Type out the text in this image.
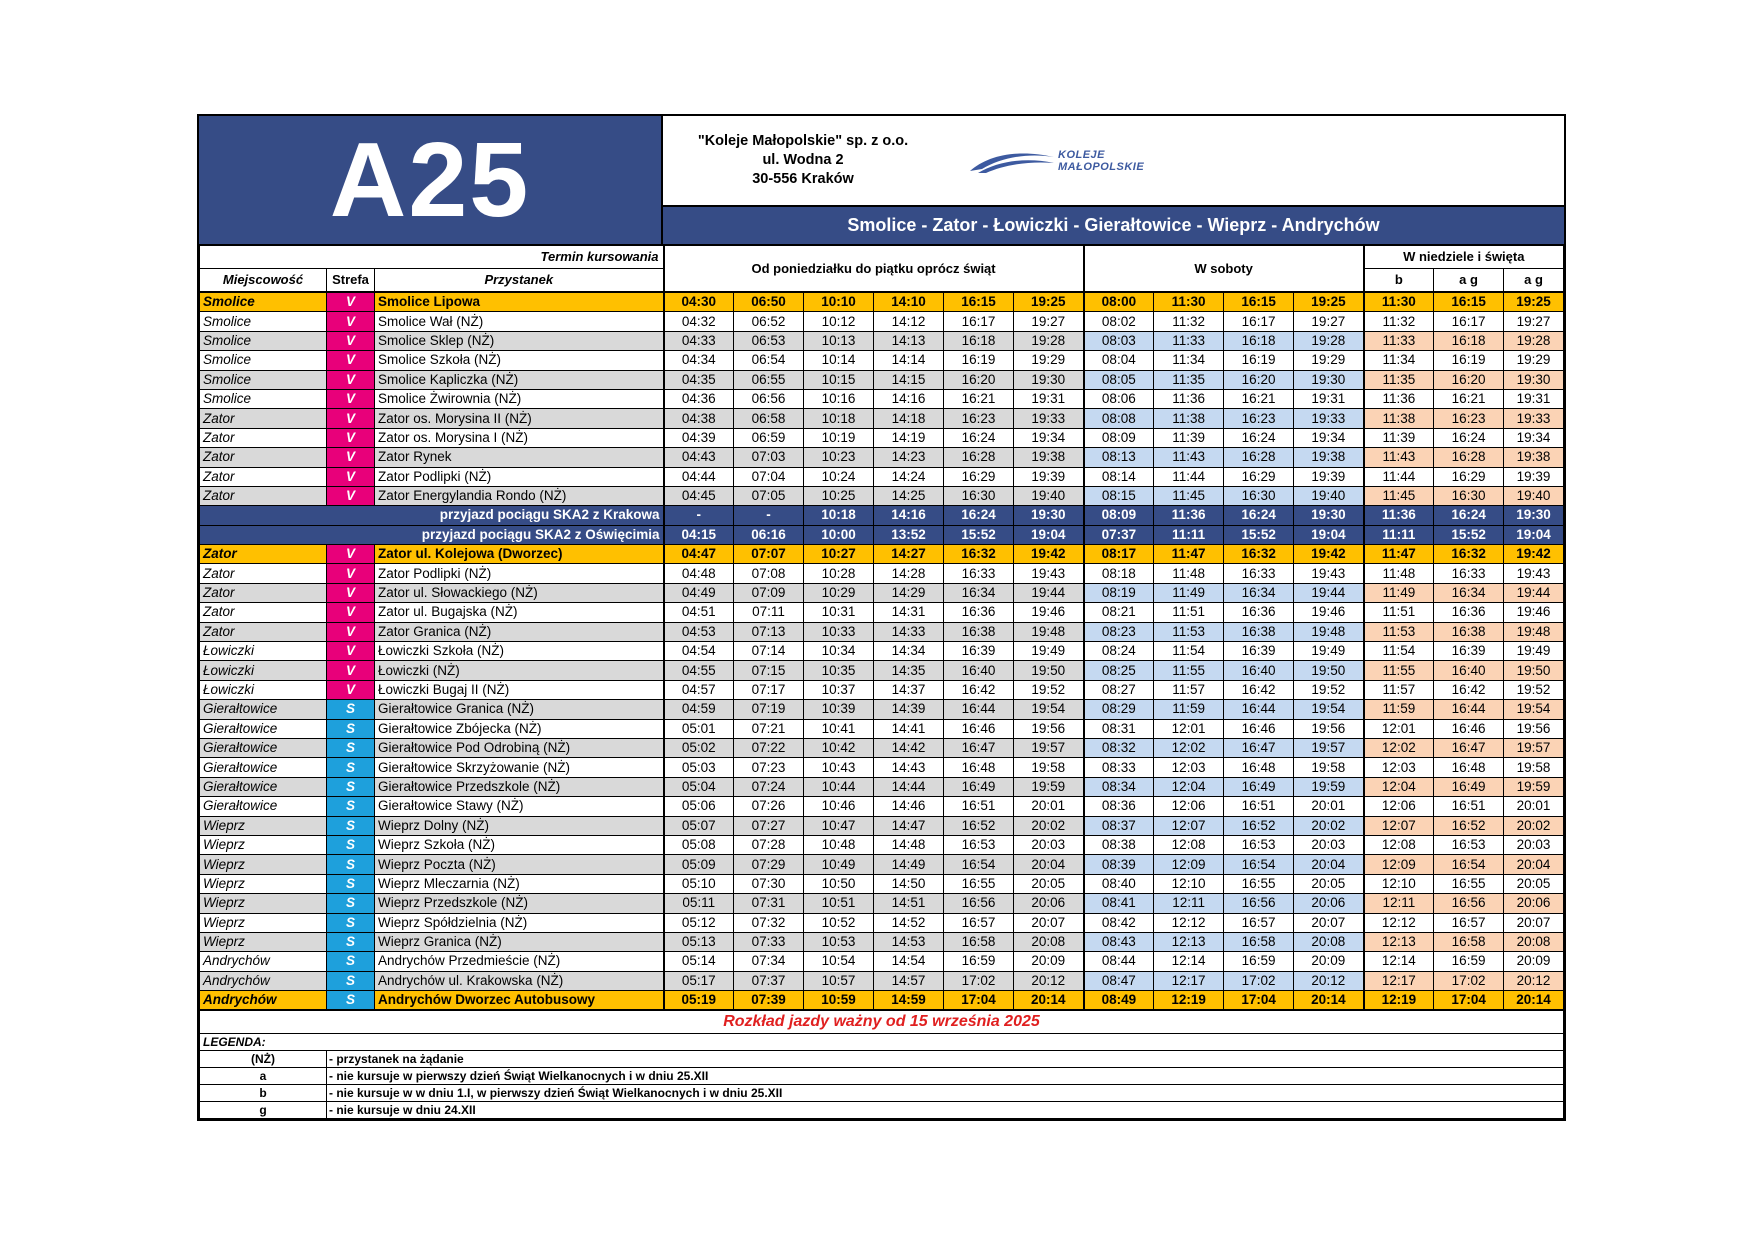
A25	"Koleje Małopolskie" sp. z o.o.
ul. Wodna 2
30-556 Kraków
KOLEJE
MAŁOPOLSKIE
Smolice - Zator - Łowiczki - Gierałtowice - Wieprz - Andrychów
Termin kursowania			Od poniedziałku do piątku oprócz świąt						W soboty				W niedziele i święta		
Miejscowość	Strefa	Przystanek											b	a g	a g
Smolice	V	Smolice Lipowa	04:30	06:50	10:10	14:10	16:15	19:25	08:00	11:30	16:15	19:25	11:30	16:15	19:25
Smolice	V	Smolice Wał (NŻ)	04:32	06:52	10:12	14:12	16:17	19:27	08:02	11:32	16:17	19:27	11:32	16:17	19:27
Smolice	V	Smolice Sklep (NŻ)	04:33	06:53	10:13	14:13	16:18	19:28	08:03	11:33	16:18	19:28	11:33	16:18	19:28
Smolice	V	Smolice Szkoła (NŻ)	04:34	06:54	10:14	14:14	16:19	19:29	08:04	11:34	16:19	19:29	11:34	16:19	19:29
Smolice	V	Smolice Kapliczka (NŻ)	04:35	06:55	10:15	14:15	16:20	19:30	08:05	11:35	16:20	19:30	11:35	16:20	19:30
Smolice	V	Smolice Żwirownia (NŻ)	04:36	06:56	10:16	14:16	16:21	19:31	08:06	11:36	16:21	19:31	11:36	16:21	19:31
Zator	V	Zator os. Morysina II (NŻ)	04:38	06:58	10:18	14:18	16:23	19:33	08:08	11:38	16:23	19:33	11:38	16:23	19:33
Zator	V	Zator os. Morysina I (NŻ)	04:39	06:59	10:19	14:19	16:24	19:34	08:09	11:39	16:24	19:34	11:39	16:24	19:34
Zator	V	Zator Rynek	04:43	07:03	10:23	14:23	16:28	19:38	08:13	11:43	16:28	19:38	11:43	16:28	19:38
Zator	V	Zator Podlipki (NŻ)	04:44	07:04	10:24	14:24	16:29	19:39	08:14	11:44	16:29	19:39	11:44	16:29	19:39
Zator	V	Zator Energylandia Rondo (NŻ)	04:45	07:05	10:25	14:25	16:30	19:40	08:15	11:45	16:30	19:40	11:45	16:30	19:40
przyjazd pociągu SKA2 z Krakowa			-	-	10:18	14:16	16:24	19:30	08:09	11:36	16:24	19:30	11:36	16:24	19:30
przyjazd pociągu SKA2 z Oświęcimia			04:15	06:16	10:00	13:52	15:52	19:04	07:37	11:11	15:52	19:04	11:11	15:52	19:04
Zator	V	Zator ul. Kolejowa (Dworzec)	04:47	07:07	10:27	14:27	16:32	19:42	08:17	11:47	16:32	19:42	11:47	16:32	19:42
Zator	V	Zator Podlipki (NŻ)	04:48	07:08	10:28	14:28	16:33	19:43	08:18	11:48	16:33	19:43	11:48	16:33	19:43
Zator	V	Zator ul. Słowackiego (NŻ)	04:49	07:09	10:29	14:29	16:34	19:44	08:19	11:49	16:34	19:44	11:49	16:34	19:44
Zator	V	Zator ul. Bugajska (NŻ)	04:51	07:11	10:31	14:31	16:36	19:46	08:21	11:51	16:36	19:46	11:51	16:36	19:46
Zator	V	Zator Granica (NŻ)	04:53	07:13	10:33	14:33	16:38	19:48	08:23	11:53	16:38	19:48	11:53	16:38	19:48
Łowiczki	V	Łowiczki Szkoła (NŻ)	04:54	07:14	10:34	14:34	16:39	19:49	08:24	11:54	16:39	19:49	11:54	16:39	19:49
Łowiczki	V	Łowiczki (NŻ)	04:55	07:15	10:35	14:35	16:40	19:50	08:25	11:55	16:40	19:50	11:55	16:40	19:50
Łowiczki	V	Łowiczki Bugaj II (NŻ)	04:57	07:17	10:37	14:37	16:42	19:52	08:27	11:57	16:42	19:52	11:57	16:42	19:52
Gierałtowice	S	Gierałtowice Granica (NŻ)	04:59	07:19	10:39	14:39	16:44	19:54	08:29	11:59	16:44	19:54	11:59	16:44	19:54
Gierałtowice	S	Gierałtowice Zbójecka (NŻ)	05:01	07:21	10:41	14:41	16:46	19:56	08:31	12:01	16:46	19:56	12:01	16:46	19:56
Gierałtowice	S	Gierałtowice Pod Odrobiną (NŻ)	05:02	07:22	10:42	14:42	16:47	19:57	08:32	12:02	16:47	19:57	12:02	16:47	19:57
Gierałtowice	S	Gierałtowice Skrzyżowanie (NŻ)	05:03	07:23	10:43	14:43	16:48	19:58	08:33	12:03	16:48	19:58	12:03	16:48	19:58
Gierałtowice	S	Gierałtowice Przedszkole (NŻ)	05:04	07:24	10:44	14:44	16:49	19:59	08:34	12:04	16:49	19:59	12:04	16:49	19:59
Gierałtowice	S	Gierałtowice Stawy (NŻ)	05:06	07:26	10:46	14:46	16:51	20:01	08:36	12:06	16:51	20:01	12:06	16:51	20:01
Wieprz	S	Wieprz Dolny (NŻ)	05:07	07:27	10:47	14:47	16:52	20:02	08:37	12:07	16:52	20:02	12:07	16:52	20:02
Wieprz	S	Wieprz Szkoła (NŻ)	05:08	07:28	10:48	14:48	16:53	20:03	08:38	12:08	16:53	20:03	12:08	16:53	20:03
Wieprz	S	Wieprz Poczta (NŻ)	05:09	07:29	10:49	14:49	16:54	20:04	08:39	12:09	16:54	20:04	12:09	16:54	20:04
Wieprz	S	Wieprz Mleczarnia (NŻ)	05:10	07:30	10:50	14:50	16:55	20:05	08:40	12:10	16:55	20:05	12:10	16:55	20:05
Wieprz	S	Wieprz Przedszkole (NŻ)	05:11	07:31	10:51	14:51	16:56	20:06	08:41	12:11	16:56	20:06	12:11	16:56	20:06
Wieprz	S	Wieprz Spółdzielnia (NŻ)	05:12	07:32	10:52	14:52	16:57	20:07	08:42	12:12	16:57	20:07	12:12	16:57	20:07
Wieprz	S	Wieprz Granica (NŻ)	05:13	07:33	10:53	14:53	16:58	20:08	08:43	12:13	16:58	20:08	12:13	16:58	20:08
Andrychów	S	Andrychów Przedmieście (NŻ)	05:14	07:34	10:54	14:54	16:59	20:09	08:44	12:14	16:59	20:09	12:14	16:59	20:09
Andrychów	S	Andrychów ul. Krakowska (NŻ)	05:17	07:37	10:57	14:57	17:02	20:12	08:47	12:17	17:02	20:12	12:17	17:02	20:12
Andrychów	S	Andrychów Dworzec Autobusowy	05:19	07:39	10:59	14:59	17:04	20:14	08:49	12:19	17:04	20:14	12:19	17:04	20:14
Rozkład jazdy ważny od 15 września 2025															
LEGENDA:															
(NŻ)	- przystanek na żądanie														
a	- nie kursuje w pierwszy dzień Świąt Wielkanocnych i w dniu 25.XII														
b	- nie kursuje w w dniu 1.I, w pierwszy dzień Świąt Wielkanocnych i w dniu 25.XII														
g	- nie kursuje w dniu 24.XII														
